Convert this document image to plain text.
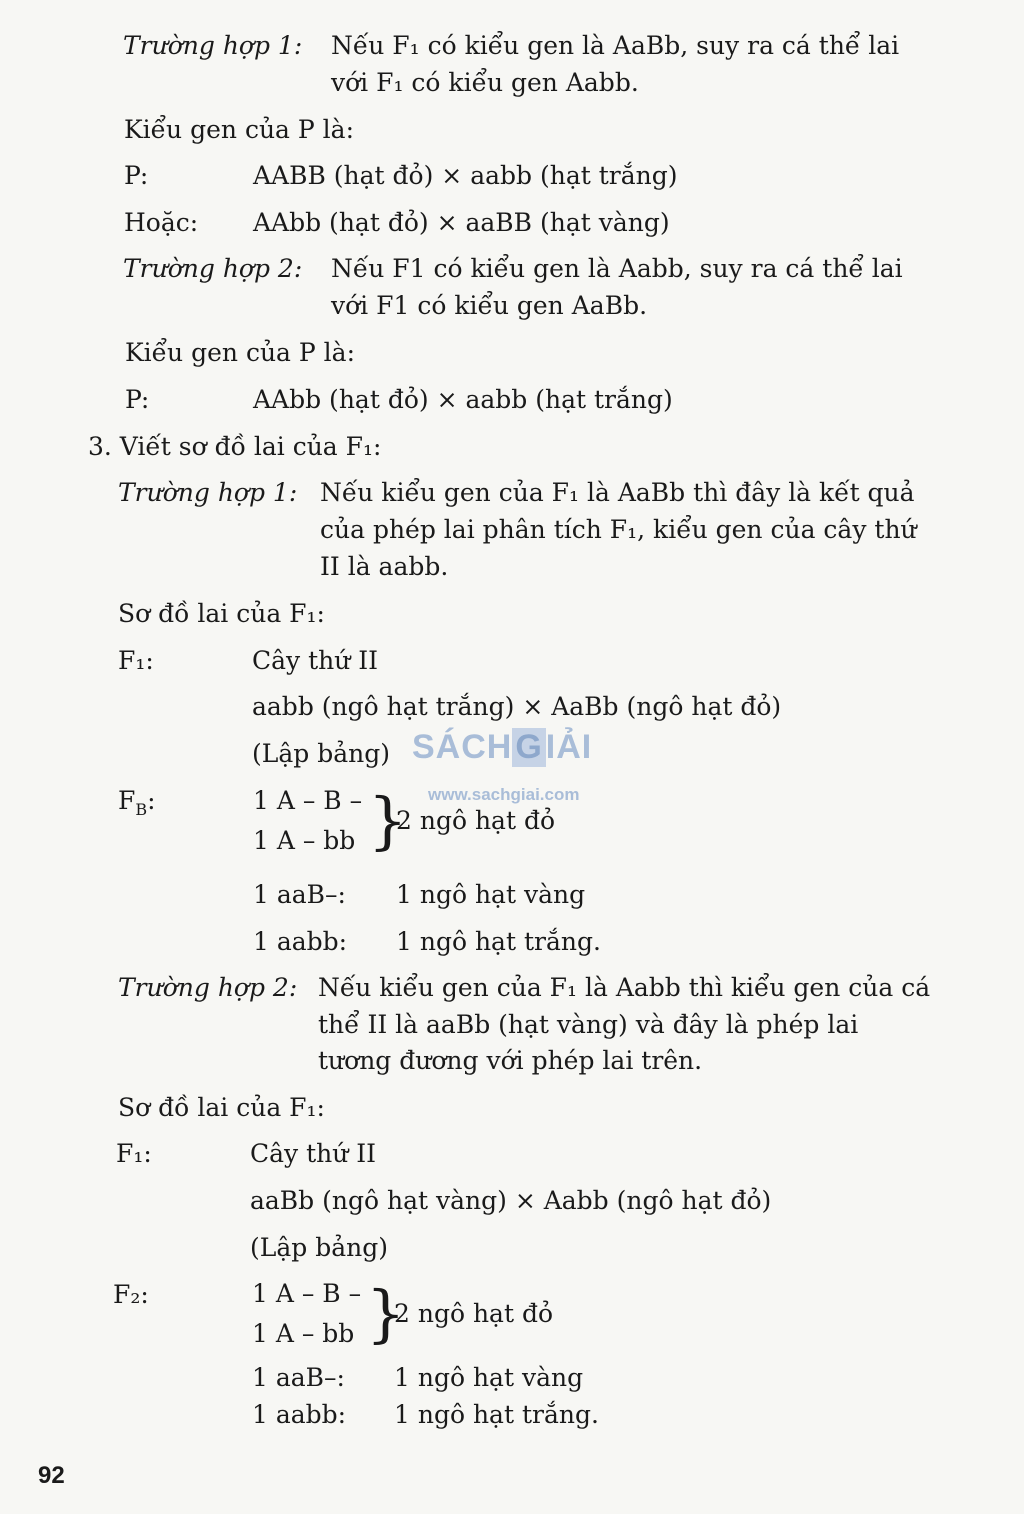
Trường hợp 1: Nếu F₁ có kiểu gen là AaBb, suy ra cá thể lai
với F₁ có kiểu gen Aabb.
Kiểu gen của P là:
P:	AABB (hạt đỏ) × aabb (hạt trắng)
Hoặc: AAbb (hạt đỏ) × aaBB (hạt vàng)
Trường hợp 2: Nếu F1 có kiểu gen là Aabb, suy ra cá thể lai
với F1 có kiểu gen AaBb.
Kiểu gen của P là:
P:	AAbb (hạt đỏ) × aabb (hạt trắng)
3. Viết sơ đồ lai của F₁:
Trường hợp 1: Nếu kiểu gen của F₁ là AaBb thì đây là kết quả
của phép lai phân tích F₁, kiểu gen của cây thứ
II là aabb.
Sơ đồ lai của F₁:
F₁:	Cây thứ II
aabb (ngô hạt trắng) × AaBb (ngô hạt đỏ)
(Lập bảng)
$F_B$:	1 A – B –
1 A – bb }
2 ngô hạt đỏ
1 aaB–: 1 ngô hạt vàng
1 aabb: 1 ngô hạt trắng.
Trường hợp 2: Nếu kiểu gen của F₁ là Aabb thì kiểu gen của cá
thể II là aaBb (hạt vàng) và đây là phép lai
tương đương với phép lai trên.
Sơ đồ lai của F₁:
F₁:	Cây thứ II
aaBb (ngô hạt vàng) × Aabb (ngô hạt đỏ)
(Lập bảng)
F₂:	1 A – B –
1 A – bb }
2 ngô hạt đỏ
1 aaB–: 1 ngô hạt vàng
1 aabb: 1 ngô hạt trắng.
SÁCHGIẢI
www.sachgiai.com
92
